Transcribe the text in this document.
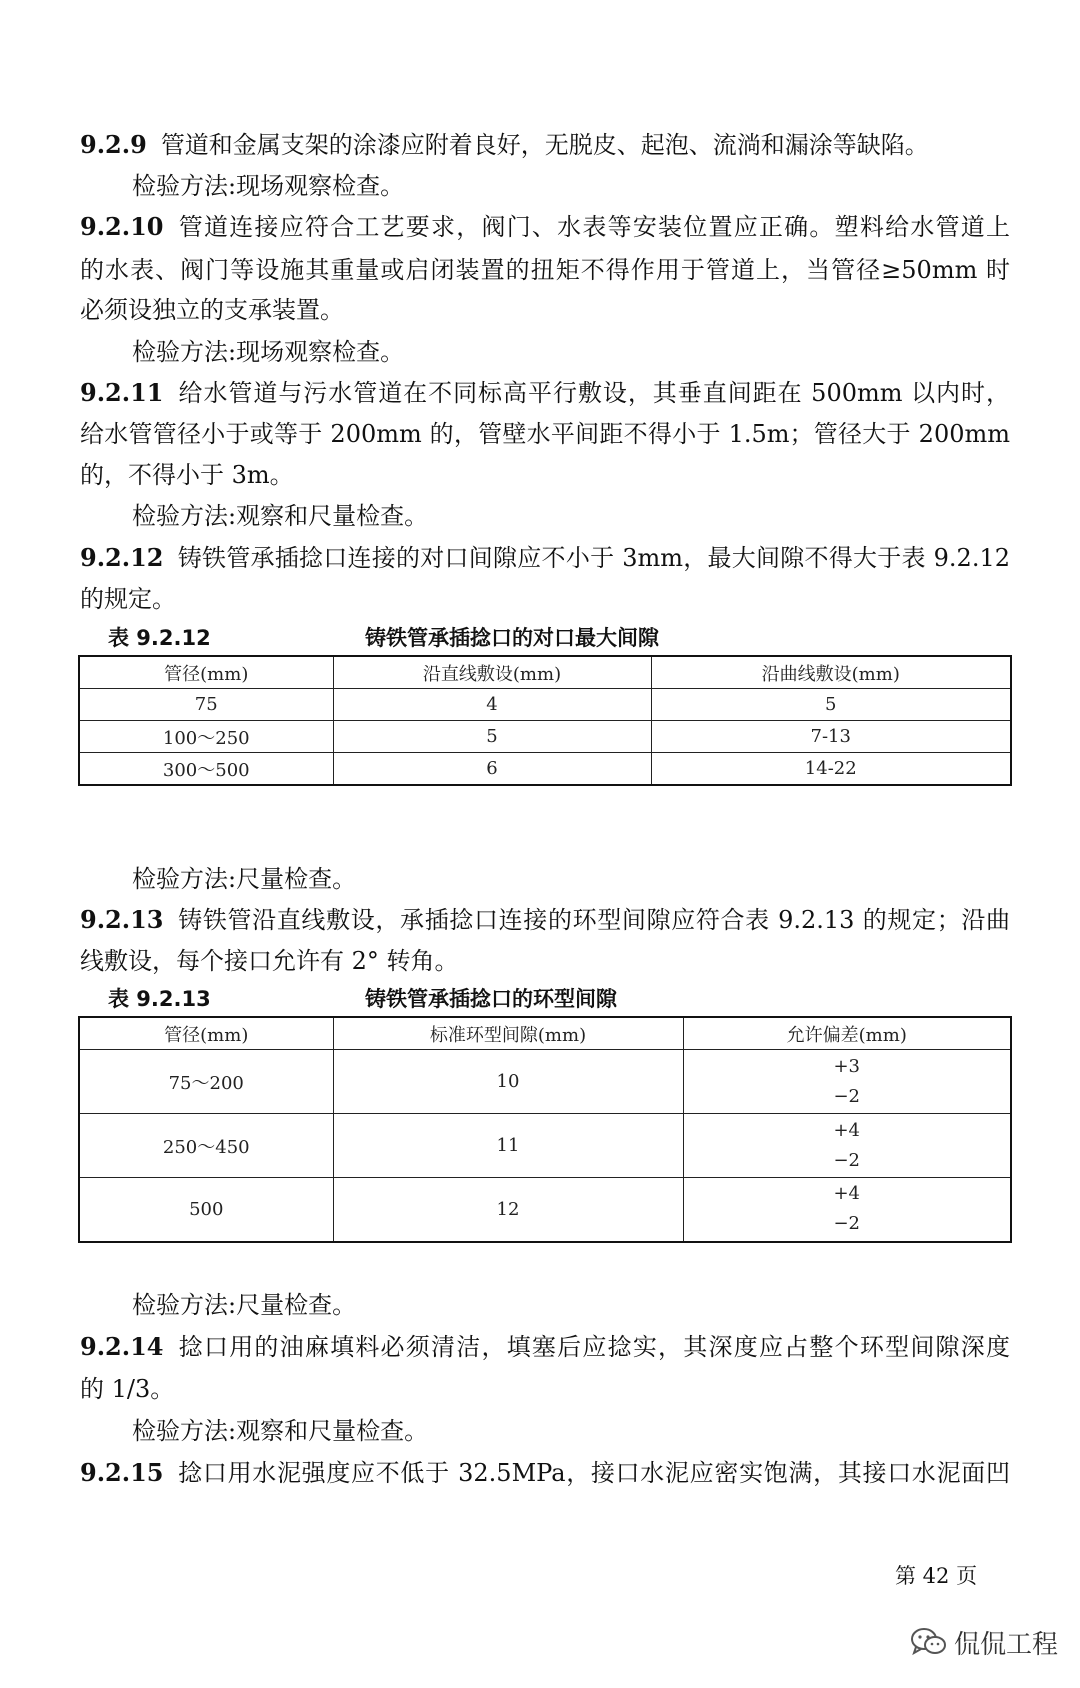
9.2.9 管道和金属支架的涂漆应附着良好，无脱皮、起泡、流淌和漏涂等缺陷。
检验方法:现场观察检查。
9.2.10 管道连接应符合工艺要求，阀门、水表等安装位置应正确。塑料给水管道上
的水表、阀门等设施其重量或启闭装置的扭矩不得作用于管道上，当管径≥50mm 时
必须设独立的支承装置。
检验方法:现场观察检查。
9.2.11 给水管道与污水管道在不同标高平行敷设，其垂直间距在 500mm 以内时，
给水管管径小于或等于 200mm 的，管壁水平间距不得小于 1.5m；管径大于 200mm
的，不得小于 3m。
检验方法:观察和尺量检查。
9.2.12 铸铁管承插捻口连接的对口间隙应不小于 3mm，最大间隙不得大于表 9.2.12
的规定。
表 9.2.12	铸铁管承插捻口的对口最大间隙
管径(mm)	沿直线敷设(mm)	沿曲线敷设(mm)
75	4	5
100～250	5	7-13
300～500	6	14-22
检验方法:尺量检查。
9.2.13 铸铁管沿直线敷设，承插捻口连接的环型间隙应符合表 9.2.13 的规定；沿曲
线敷设，每个接口允许有 2° 转角。
表 9.2.13	铸铁管承插捻口的环型间隙
管径(mm)	标准环型间隙(mm)	允许偏差(mm)
75～200	10	+3
−2

250～450	11	+4
−2

500	12	+4
−2
检验方法:尺量检查。
9.2.14 捻口用的油麻填料必须清洁，填塞后应捻实，其深度应占整个环型间隙深度
的 1/3。
检验方法:观察和尺量检查。
9.2.15 捻口用水泥强度应不低于 32.5MPa，接口水泥应密实饱满，其接口水泥面凹
第 42 页
侃侃工程
